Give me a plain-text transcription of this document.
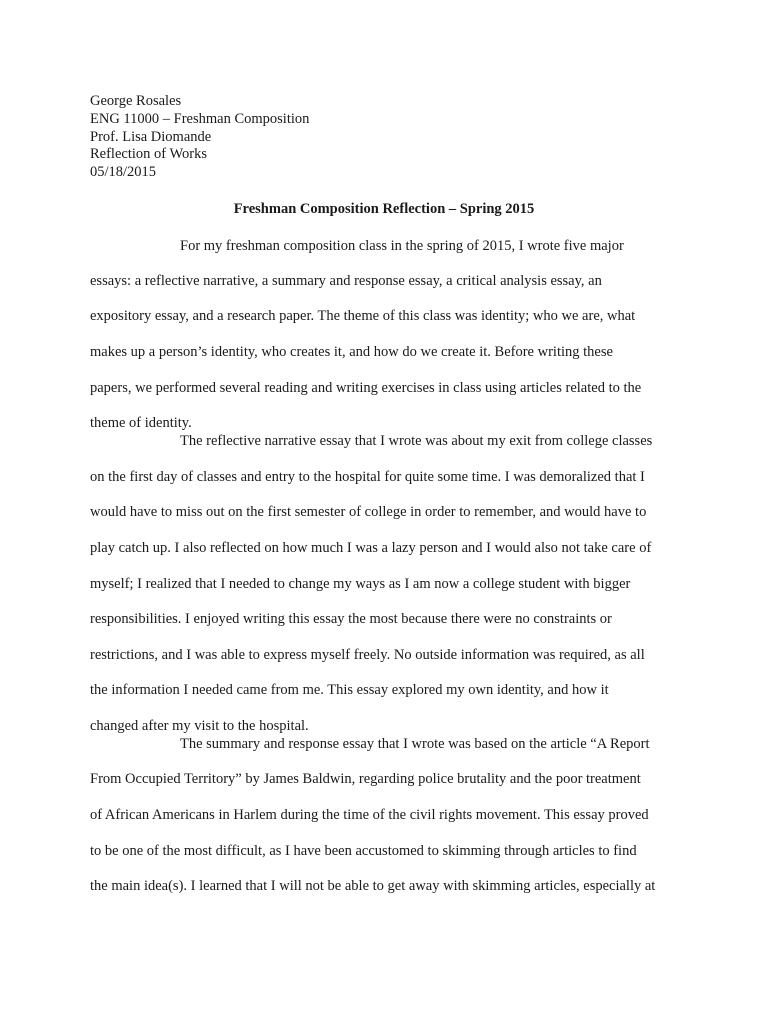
George Rosales
ENG 11000 – Freshman Composition
Prof. Lisa Diomande
Reflection of Works
05/18/2015
Freshman Composition Reflection – Spring 2015
For my freshman composition class in the spring of 2015, I wrote five major
essays: a reflective narrative, a summary and response essay, a critical analysis essay, an
expository essay, and a research paper. The theme of this class was identity; who we are, what
makes up a person’s identity, who creates it, and how do we create it. Before writing these
papers, we performed several reading and writing exercises in class using articles related to the
theme of identity.
The reflective narrative essay that I wrote was about my exit from college classes
on the first day of classes and entry to the hospital for quite some time. I was demoralized that I
would have to miss out on the first semester of college in order to remember, and would have to
play catch up. I also reflected on how much I was a lazy person and I would also not take care of
myself; I realized that I needed to change my ways as I am now a college student with bigger
responsibilities. I enjoyed writing this essay the most because there were no constraints or
restrictions, and I was able to express myself freely. No outside information was required, as all
the information I needed came from me. This essay explored my own identity, and how it
changed after my visit to the hospital.
The summary and response essay that I wrote was based on the article “A Report
From Occupied Territory” by James Baldwin, regarding police brutality and the poor treatment
of African Americans in Harlem during the time of the civil rights movement. This essay proved
to be one of the most difficult, as I have been accustomed to skimming through articles to find
the main idea(s). I learned that I will not be able to get away with skimming articles, especially at
